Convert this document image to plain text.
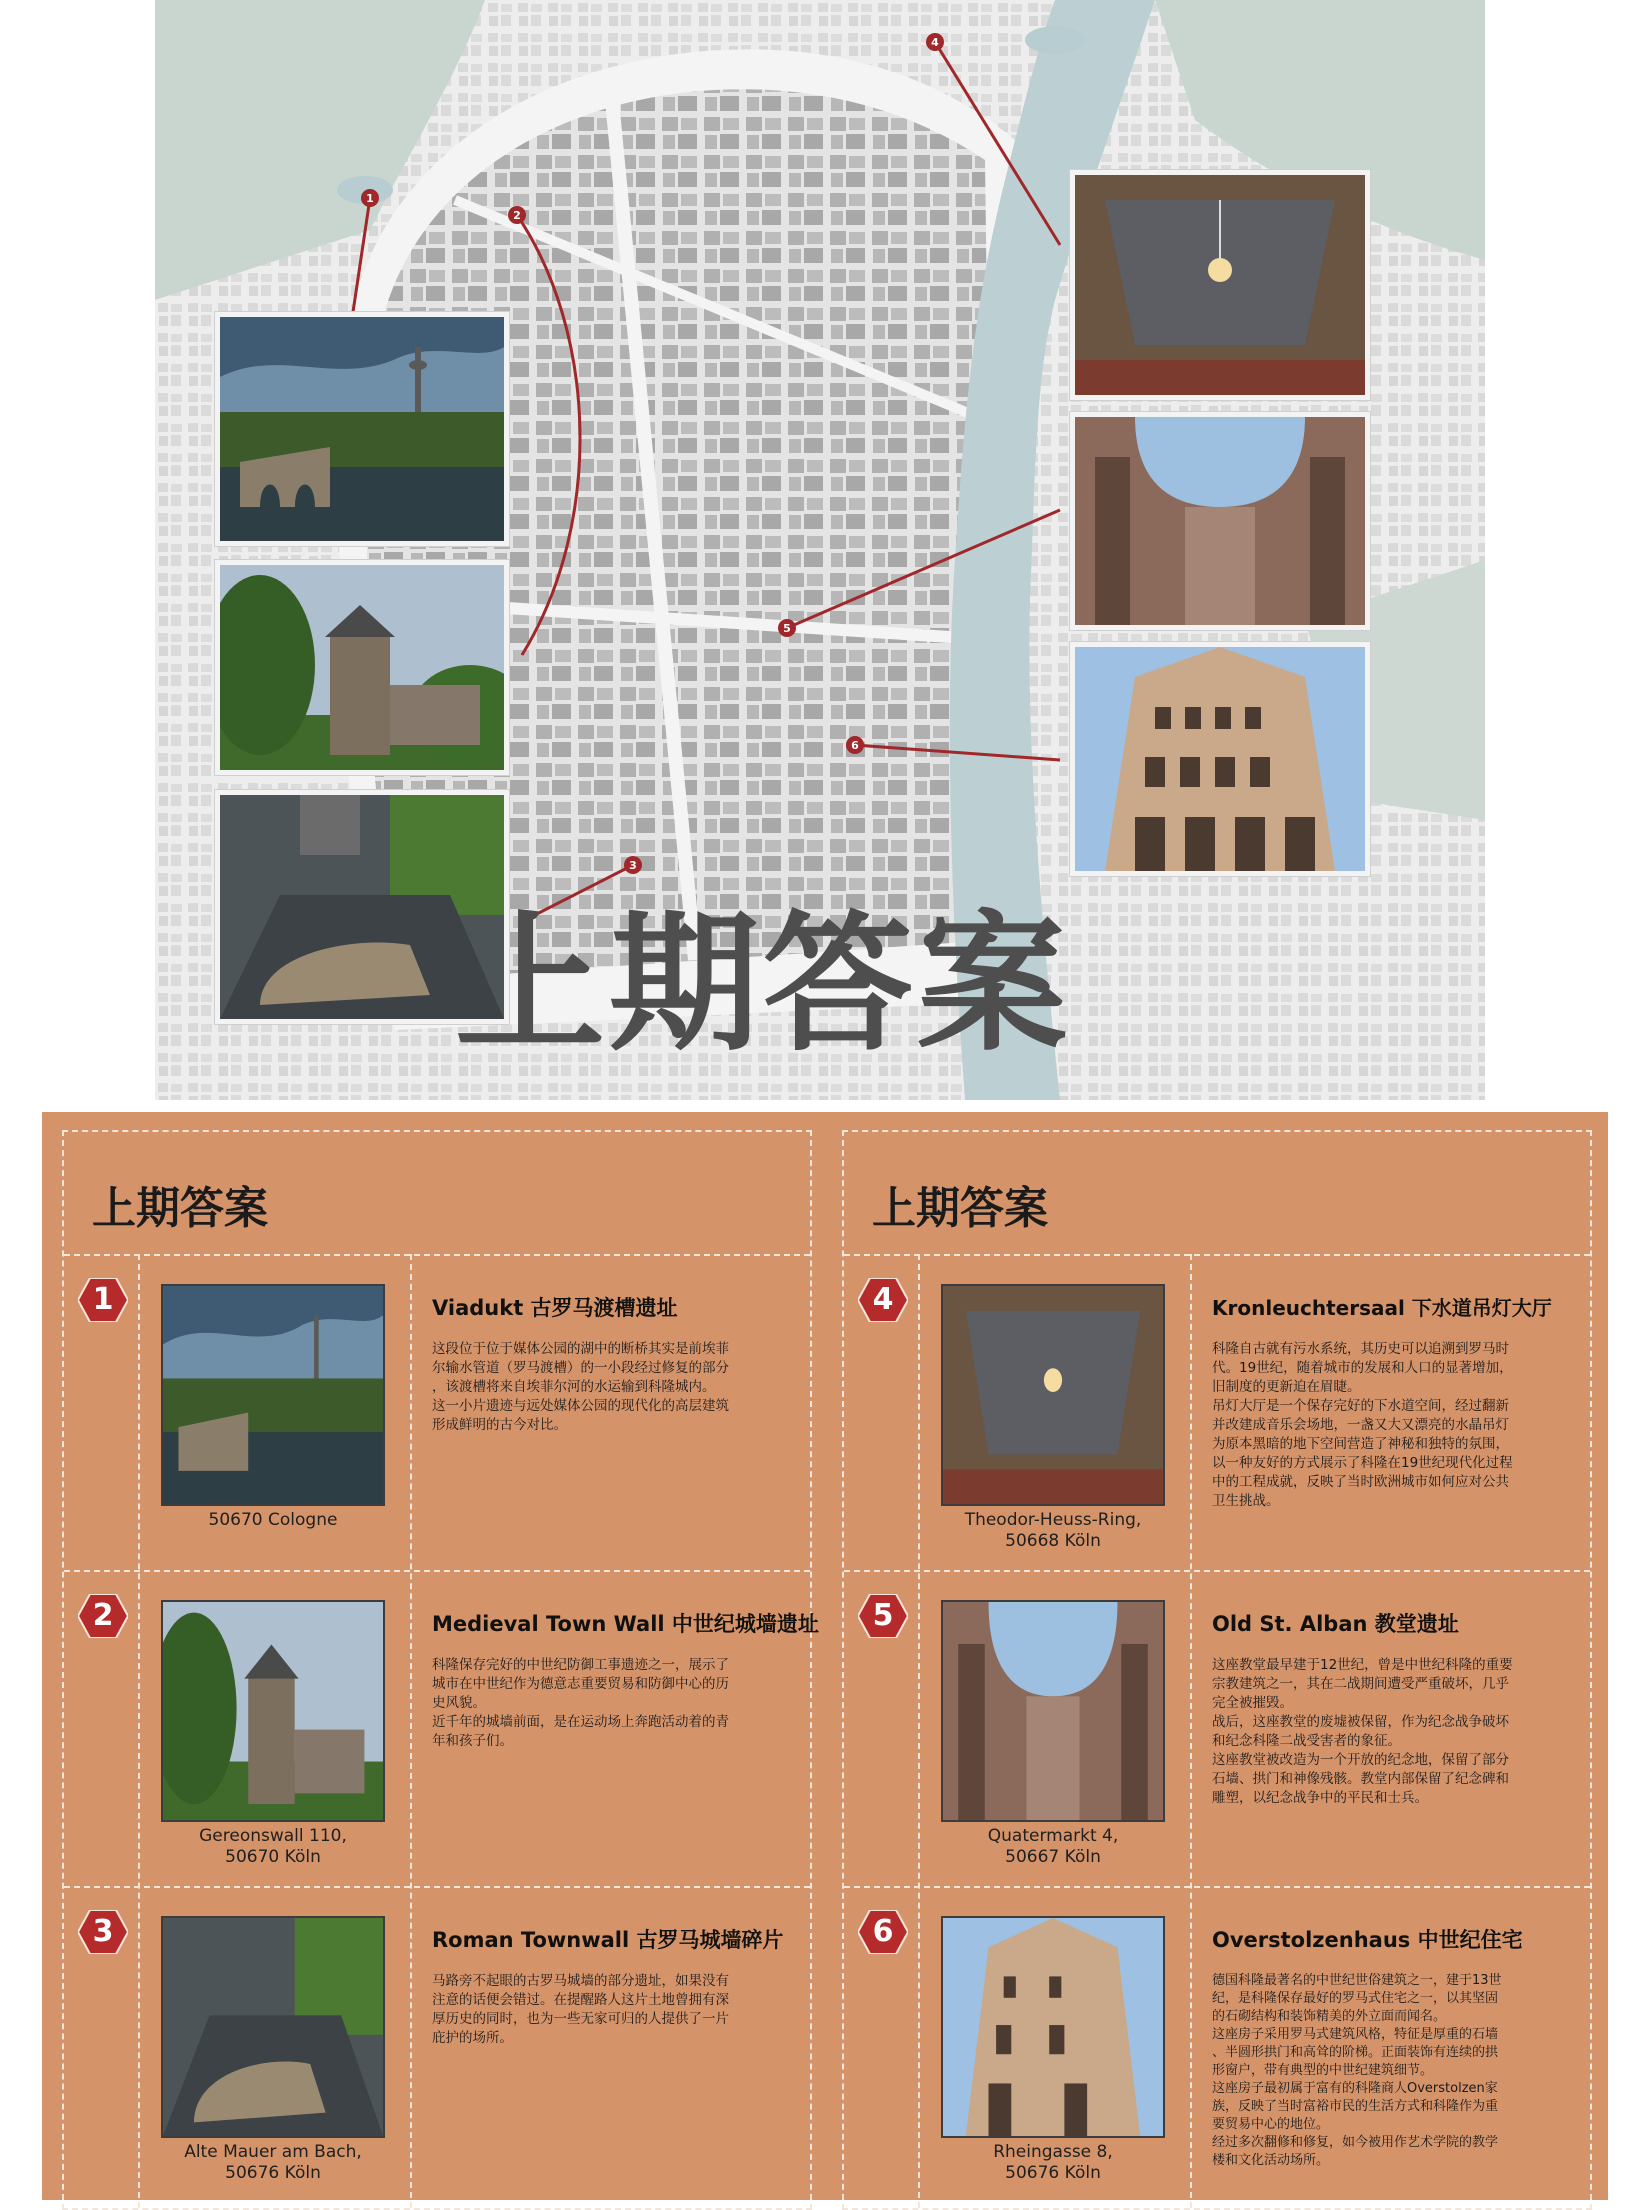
1
2
3
4
5
6
上期答案
上期答案
1
50670 Cologne
Viadukt 古罗马渡槽遗址
这段位于位于媒体公园的湖中的断桥其实是前埃菲
尔输水管道（罗马渡槽）的一小段经过修复的部分
，该渡槽将来自埃菲尔河的水运输到科隆城内。
这一小片遗迹与远处媒体公园的现代化的高层建筑
形成鲜明的古今对比。
2
Gereonswall 110,
50670 Köln
Medieval Town Wall 中世纪城墙遗址
科隆保存完好的中世纪防御工事遗迹之一，展示了
城市在中世纪作为德意志重要贸易和防御中心的历
史风貌。
近千年的城墙前面，是在运动场上奔跑活动着的青
年和孩子们。
3
Alte Mauer am Bach,
50676 Köln
Roman Townwall 古罗马城墙碎片
马路旁不起眼的古罗马城墙的部分遗址，如果没有
注意的话便会错过。在提醒路人这片土地曾拥有深
厚历史的同时，也为一些无家可归的人提供了一片
庇护的场所。
上期答案
4
Theodor-Heuss-Ring,
50668 Köln
Kronleuchtersaal 下水道吊灯大厅
科隆自古就有污水系统，其历史可以追溯到罗马时
代。19世纪，随着城市的发展和人口的显著增加，
旧制度的更新迫在眉睫。
吊灯大厅是一个保存完好的下水道空间，经过翻新
并改建成音乐会场地，一盏又大又漂亮的水晶吊灯
为原本黑暗的地下空间营造了神秘和独特的氛围，
以一种友好的方式展示了科隆在19世纪现代化过程
中的工程成就，反映了当时欧洲城市如何应对公共
卫生挑战。
5
Quatermarkt 4,
50667 Köln
Old St. Alban 教堂遗址
这座教堂最早建于12世纪，曾是中世纪科隆的重要
宗教建筑之一，其在二战期间遭受严重破坏，几乎
完全被摧毁。
战后，这座教堂的废墟被保留，作为纪念战争破坏
和纪念科隆二战受害者的象征。
这座教堂被改造为一个开放的纪念地，保留了部分
石墙、拱门和神像残骸。教堂内部保留了纪念碑和
雕塑，以纪念战争中的平民和士兵。
6
Rheingasse 8,
50676 Köln
Overstolzenhaus 中世纪住宅
德国科隆最著名的中世纪世俗建筑之一，建于13世
纪，是科隆保存最好的罗马式住宅之一，以其坚固
的石砌结构和装饰精美的外立面而闻名。
这座房子采用罗马式建筑风格，特征是厚重的石墙
、半圆形拱门和高耸的阶梯。正面装饰有连续的拱
形窗户，带有典型的中世纪建筑细节。
这座房子最初属于富有的科隆商人Overstolzen家
族，反映了当时富裕市民的生活方式和科隆作为重
要贸易中心的地位。
经过多次翻修和修复，如今被用作艺术学院的教学
楼和文化活动场所。
